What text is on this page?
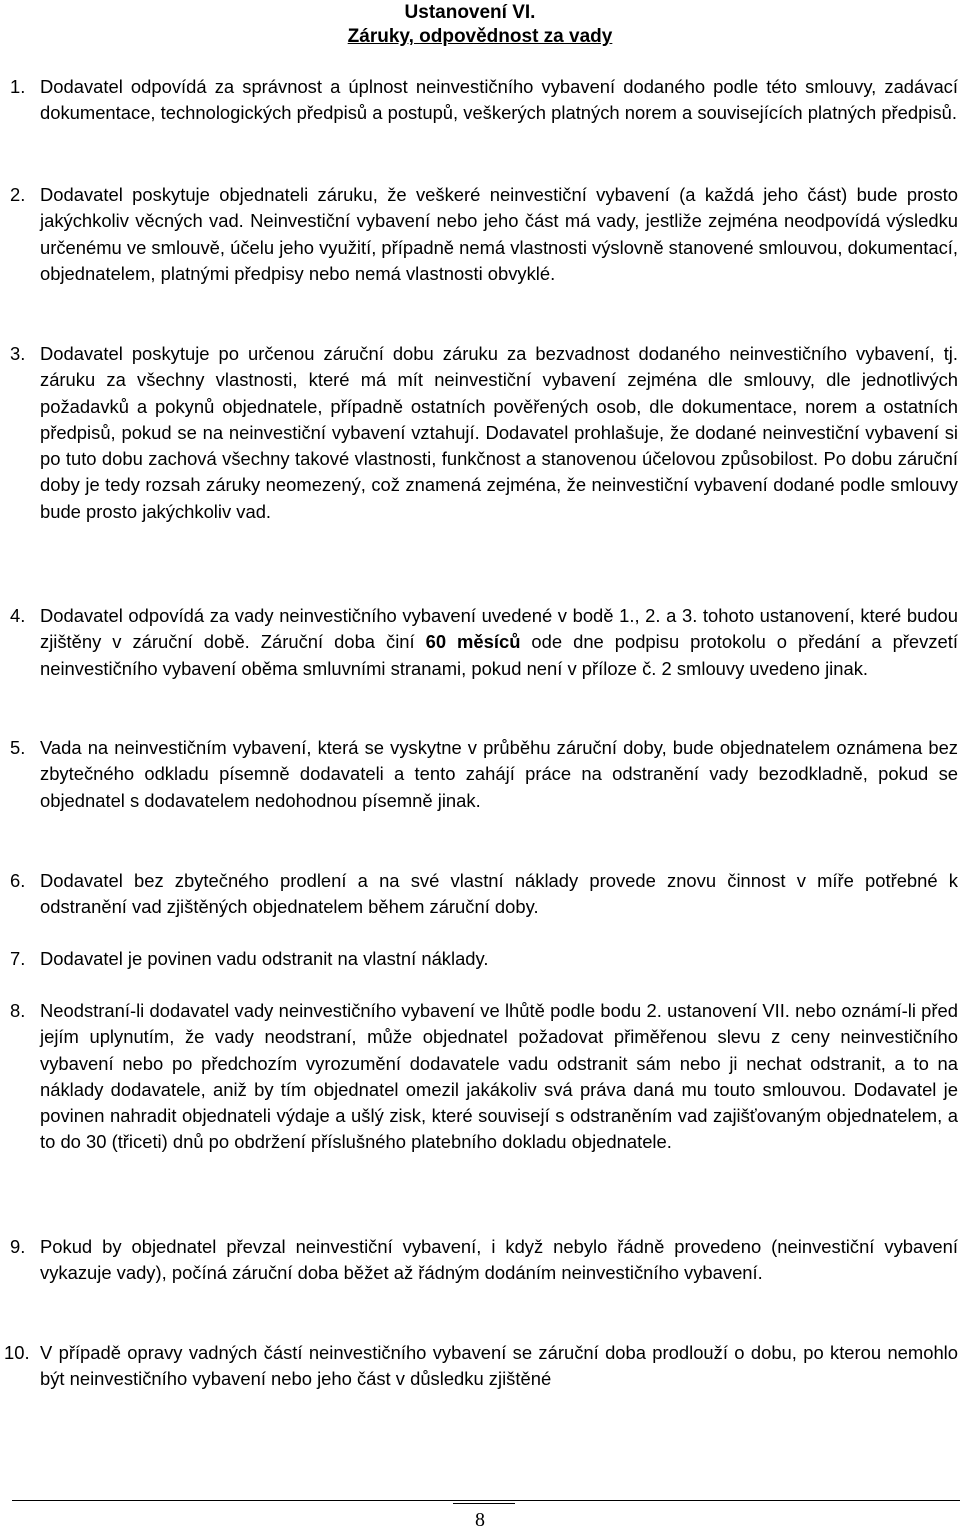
Ustanovení VI.

Záruky, odpovědnost za vady

1. Dodavatel odpovídá za správnost a úplnost neinvestičního vybavení dodaného podle této smlouvy, zadávací dokumentace, technologických předpisů a postupů, veškerých platných norem a souvisejících platných předpisů.

2. Dodavatel poskytuje objednateli záruku, že veškeré neinvestiční vybavení (a každá jeho část) bude prosto jakýchkoliv věcných vad. Neinvestiční vybavení nebo jeho část má vady, jestliže zejména neodpovídá výsledku určenému ve smlouvě, účelu jeho využití, případně nemá vlastnosti výslovně stanovené smlouvou, dokumentací, objednatelem, platnými předpisy nebo nemá vlastnosti obvyklé.

3. Dodavatel poskytuje po určenou záruční dobu záruku za bezvadnost dodaného neinvestičního vybavení, tj. záruku za všechny vlastnosti, které má mít neinvestiční vybavení zejména dle smlouvy, dle jednotlivých požadavků a pokynů objednatele, případně ostatních pověřených osob, dle dokumentace, norem a ostatních předpisů, pokud se na neinvestiční vybavení vztahují. Dodavatel prohlašuje, že dodané neinvestiční vybavení si po tuto dobu zachová všechny takové vlastnosti, funkčnost a stanovenou účelovou způsobilost. Po dobu záruční doby je tedy rozsah záruky neomezený, což znamená zejména, že neinvestiční vybavení dodané podle smlouvy bude prosto jakýchkoliv vad.

4. Dodavatel odpovídá za vady neinvestičního vybavení uvedené v bodě 1., 2. a 3. tohoto ustanovení, které budou zjištěny v záruční době. Záruční doba činí 60 měsíců ode dne podpisu protokolu o předání a převzetí neinvestičního vybavení oběma smluvními stranami, pokud není v příloze č. 2 smlouvy uvedeno jinak.

5. Vada na neinvestičním vybavení, která se vyskytne v průběhu záruční doby, bude objednatelem oznámena bez zbytečného odkladu písemně dodavateli a tento zahájí práce na odstranění vady bezodkladně, pokud se objednatel s dodavatelem nedohodnou písemně jinak.

6. Dodavatel bez zbytečného prodlení a na své vlastní náklady provede znovu činnost v míře potřebné k odstranění vad zjištěných objednatelem během záruční doby.

7. Dodavatel je povinen vadu odstranit na vlastní náklady.

8. Neodstraní-li dodavatel vady neinvestičního vybavení ve lhůtě podle bodu 2. ustanovení VII. nebo oznámí-li před jejím uplynutím, že vady neodstraní, může objednatel požadovat přiměřenou slevu z ceny neinvestičního vybavení nebo po předchozím vyrozumění dodavatele vadu odstranit sám nebo ji nechat odstranit, a to na náklady dodavatele, aniž by tím objednatel omezil jakákoliv svá práva daná mu touto smlouvou. Dodavatel je povinen nahradit objednateli výdaje a ušlý zisk, které souvisejí s odstraněním vad zajišťovaným objednatelem, a to do 30 (třiceti) dnů po obdržení příslušného platebního dokladu objednatele.

9. Pokud by objednatel převzal neinvestiční vybavení, i když nebylo řádně provedeno (neinvestiční vybavení vykazuje vady), počíná záruční doba běžet až řádným dodáním neinvestičního vybavení.

10. V případě opravy vadných částí neinvestičního vybavení se záruční doba prodlouží o dobu, po kterou nemohlo být neinvestičního vybavení nebo jeho část v důsledku zjištěné

8
